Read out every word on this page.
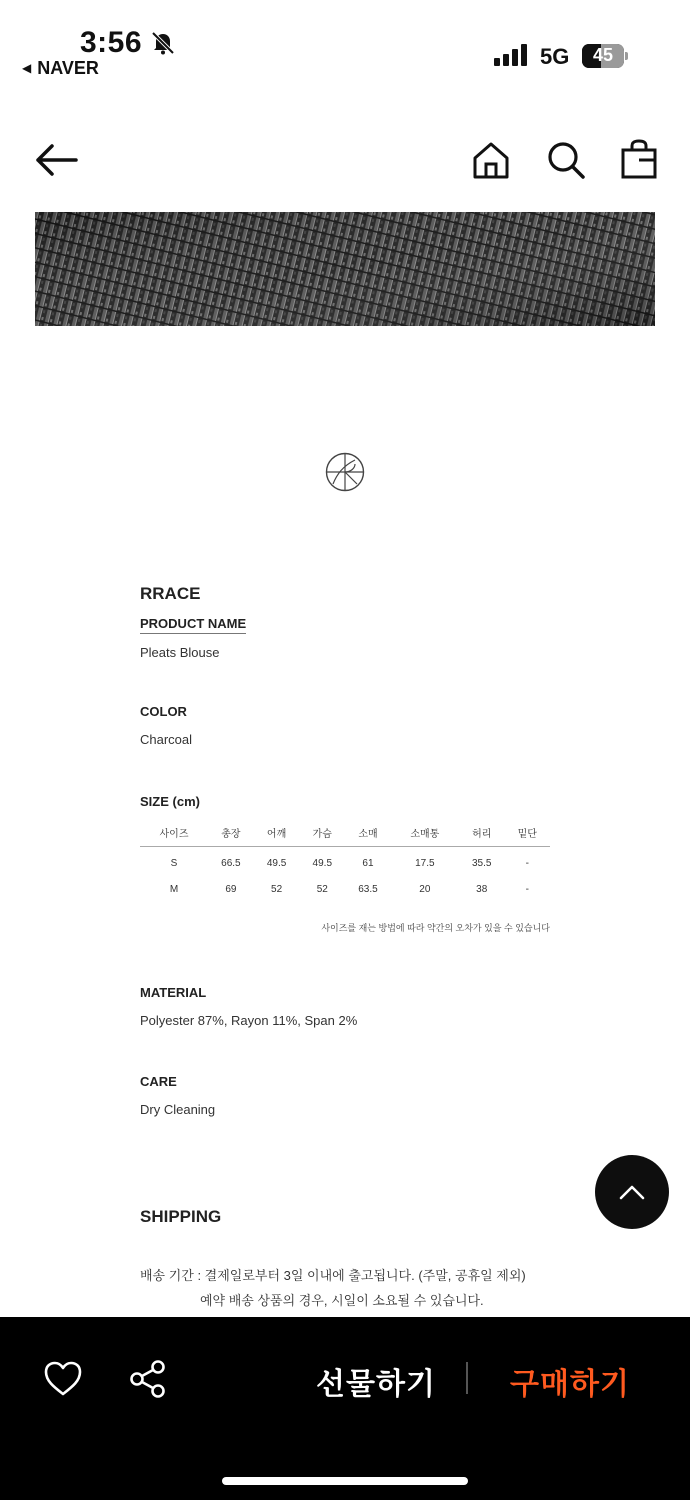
3:56
◀ NAVER	5G	45
RRACE
PRODUCT NAME
Pleats Blouse
COLOR
Charcoal
SIZE (cm)
사이즈	총장	어깨	가슴	소매	소매통	허리	밑단
S	66.5	49.5	49.5	61	17.5	35.5	-
M	69	52	52	63.5	20	38	-
사이즈를 재는 방법에 따라 약간의 오차가 있을 수 있습니다
MATERIAL
Polyester 87%, Rayon 11%, Span 2%
CARE
Dry Cleaning
SHIPPING
배송 기간 : 결제일로부터 3일 이내에 출고됩니다. (주말, 공휴일 제외)
예약 배송 상품의 경우, 시일이 소요될 수 있습니다.
선물하기 구매하기
